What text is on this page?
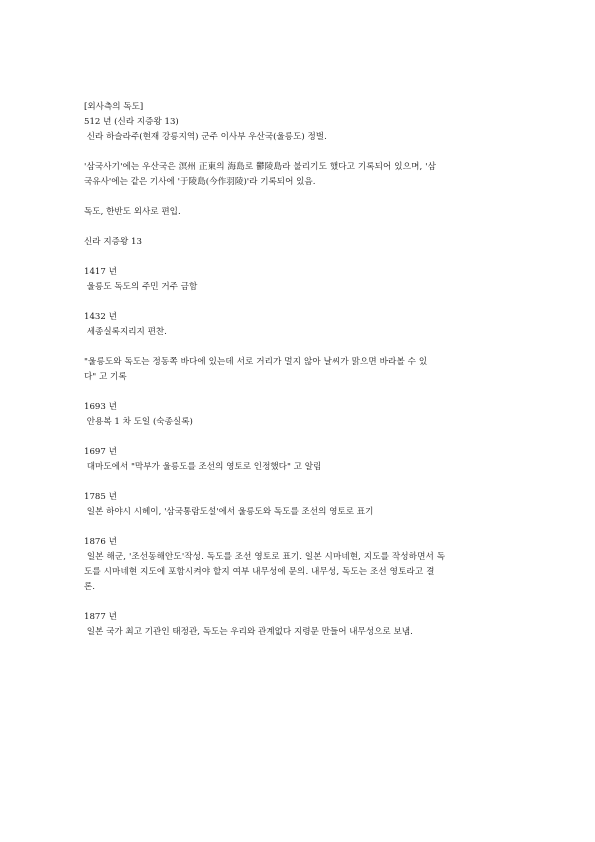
[외사측의 독도]

512 년 (신라 지증왕 13)

신라 하슬라주(현재 강릉지역) 군주 이사부 우산국(울릉도) 정벌.

'삼국사기'에는 우산국은 溟州 正東의 海島로 鬱陵島라 불리기도 했다고 기록되어 있으며, '삼

국유사'에는 같은 기사에 '于陵島(今作羽陵)'라 기록되어 있음.

독도, 한반도 외사로 편입.

신라 지증왕 13

1417 년

울릉도 독도의 주민 거주 금함

1432 년

세종실록지리지 편찬.

"울릉도와 독도는 정동쪽 바다에 있는데 서로 거리가 멀지 않아 날씨가 맑으면 바라볼 수 있

다" 고 기록

1693 년

안용복 1 차 도일 (숙종실록)

1697 년

대마도에서 "막부가 울릉도를 조선의 영토로 인정했다" 고 알림

1785 년

일본 하야시 시헤이, '삼국통람도설'에서 울릉도와 독도를 조선의 영토로 표기

1876 년

일본 해군, '조선동해안도'작성. 독도를 조선 영토로 표기. 일본 시마네현, 지도를 작성하면서 독

도를 시마네현 지도에 포함시켜야 할지 여부 내무성에 문의. 내무성, 독도는 조선 영토라고 결

론.

1877 년

일본 국가 최고 기관인 태정관, 독도는 우리와 관계없다 지령문 만들어 내무성으로 보냄.
